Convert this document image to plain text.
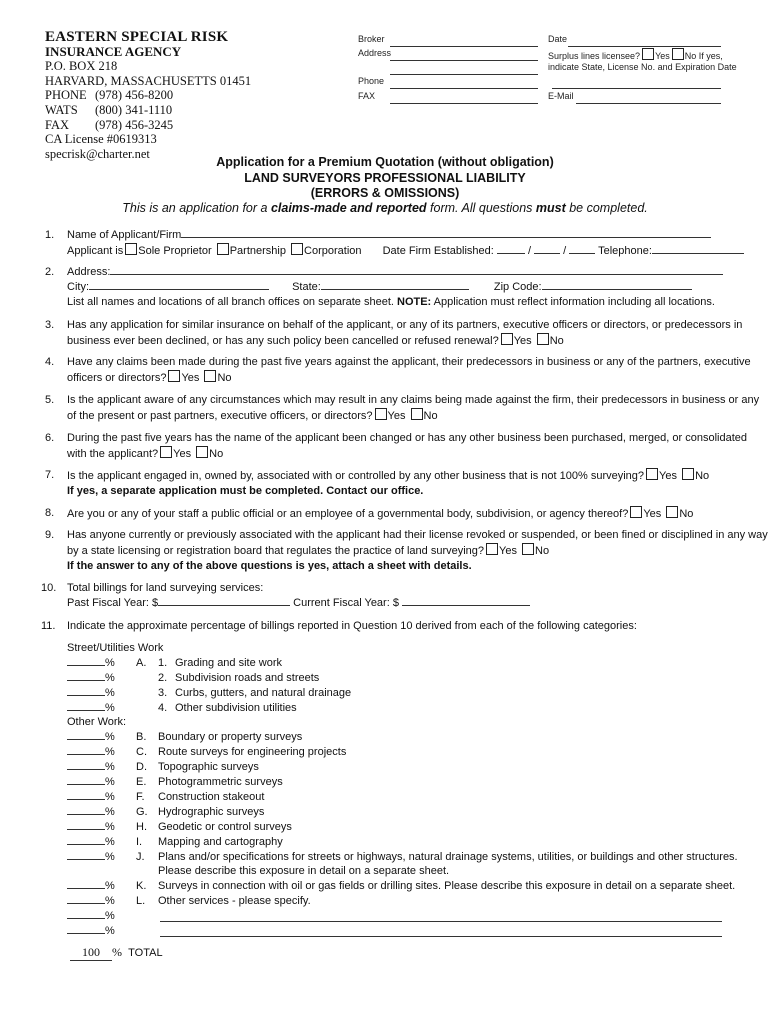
EASTERN SPECIAL RISK
INSURANCE AGENCY
P.O. BOX 218
HARVARD, MASSACHUSETTS 01451
PHONE (978) 456-8200
WATS (800) 341-1110
FAX (978) 456-3245
CA License #0619313
specrisk@charter.net
Broker
Address
Phone
FAX
Date
Surplus lines licensee? Yes No If yes,
indicate State, License No. and Expiration Date
E-Mail
Application for a Premium Quotation (without obligation)
LAND SURVEYORS PROFESSIONAL LIABILITY
(ERRORS & OMISSIONS)
This is an application for a claims-made and reported form. All questions must be completed.
1. Name of Applicant/Firm
Applicant is Sole Proprietor Partnership Corporation Date Firm Established:	/  /	Telephone:
2. Address:
City:	State:	Zip Code:
List all names and locations of all branch offices on separate sheet. NOTE: Application must reflect information including all locations.
3. Has any application for similar insurance on behalf of the applicant, or any of its partners, executive officers or directors, or predecessors in
business ever been declined, or has any such policy been cancelled or refused renewal? Yes No
4. Have any claims been made during the past five years against the applicant, their predecessors in business or any of the partners, executive
officers or directors? Yes No
5. Is the applicant aware of any circumstances which may result in any claims being made against the firm, their predecessors in business or any
of the present or past partners, executive officers, or directors? Yes No
6. During the past five years has the name of the applicant been changed or has any other business been purchased, merged, or consolidated
with the applicant? Yes No
7. Is the applicant engaged in, owned by, associated with or controlled by any other business that is not 100% surveying? Yes No
If yes, a separate application must be completed. Contact our office.
8. Are you or any of your staff a public official or an employee of a governmental body, subdivision, or agency thereof? Yes No
9. Has anyone currently or previously associated with the applicant had their license revoked or suspended, or been fined or disciplined in any way
by a state licensing or registration board that regulates the practice of land surveying? Yes No
If the answer to any of the above questions is yes, attach a sheet with details.
10. Total billings for land surveying services:
Past Fiscal Year: $	Current Fiscal Year: $
11. Indicate the approximate percentage of billings reported in Question 10 derived from each of the following categories:
Street/Utilities Work
% A. 1. Grading and site work
%	2. Subdivision roads and streets
%	3. Curbs, gutters, and natural drainage
%	4. Other subdivision utilities
Other Work:
% B. Boundary or property surveys
% C. Route surveys for engineering projects
% D. Topographic surveys
% E. Photogrammetric surveys
% F. Construction stakeout
% G. Hydrographic surveys
% H. Geodetic or control surveys
% I. Mapping and cartography
% J. Plans and/or specifications for streets or highways, natural drainage systems, utilities, or buildings and other structures.
Please describe this exposure in detail on a separate sheet.
% K. Surveys in connection with oil or gas fields or drilling sites. Please describe this exposure in detail on a separate sheet.
% L. Other services - please specify.
%
%
100 % TOTAL
